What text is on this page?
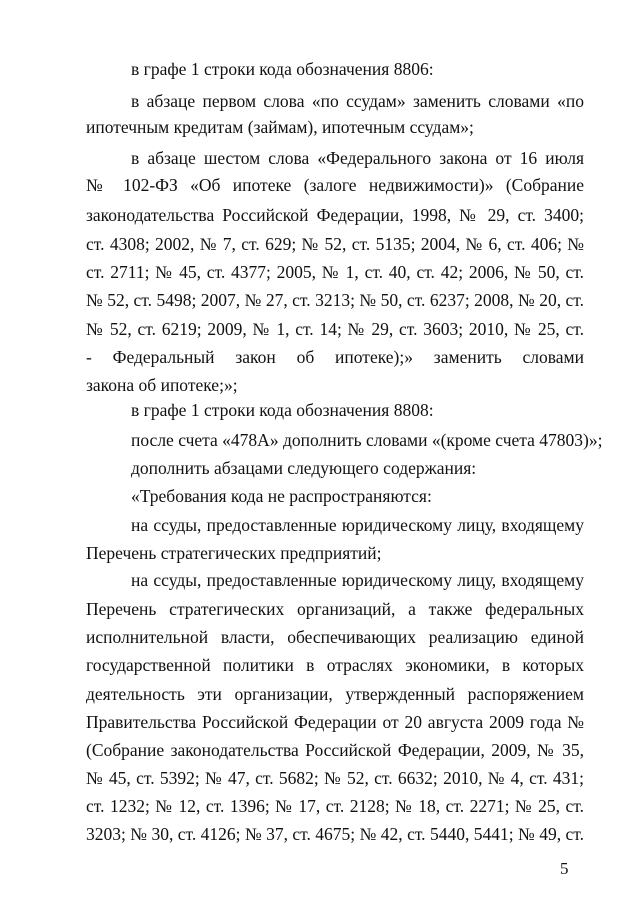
в графе 1 строки кода обозначения 8806:
в абзаце первом слова «по ссудам» заменить словами «по
ипотечным кредитам (займам), ипотечным ссудам»;
в абзаце шестом слова «Федерального закона от 16 июля
№ 102-ФЗ «Об ипотеке (залоге недвижимости)» (Собрание
законодательства Российской Федерации, 1998, № 29, ст. 3400;
ст. 4308; 2002, № 7, ст. 629; № 52, ст. 5135; 2004, № 6, ст. 406; №
ст. 2711; № 45, ст. 4377; 2005, № 1, ст. 40, ст. 42; 2006, № 50, ст.
№ 52, ст. 5498; 2007, № 27, ст. 3213; № 50, ст. 6237; 2008, № 20, ст.
№ 52, ст. 6219; 2009, № 1, ст. 14; № 29, ст. 3603; 2010, № 25, ст.
- Федеральный закон об ипотеке);» заменить словами
закона об ипотеке;»;
в графе 1 строки кода обозначения 8808:
после счета «478А» дополнить словами «(кроме счета 47803)»;
дополнить абзацами следующего содержания:
«Требования кода не распространяются:
на ссуды, предоставленные юридическому лицу, входящему
Перечень стратегических предприятий;
на ссуды, предоставленные юридическому лицу, входящему
Перечень стратегических организаций, а также федеральных
исполнительной власти, обеспечивающих реализацию единой
государственной политики в отраслях экономики, в которых
деятельность эти организации, утвержденный распоряжением
Правительства Российской Федерации от 20 августа 2009 года №
(Собрание законодательства Российской Федерации, 2009, № 35,
№ 45, ст. 5392; № 47, ст. 5682; № 52, ст. 6632; 2010, № 4, ст. 431;
ст. 1232; № 12, ст. 1396; № 17, ст. 2128; № 18, ст. 2271; № 25, ст.
3203; № 30, ст. 4126; № 37, ст. 4675; № 42, ст. 5440, 5441; № 49, ст.
5
